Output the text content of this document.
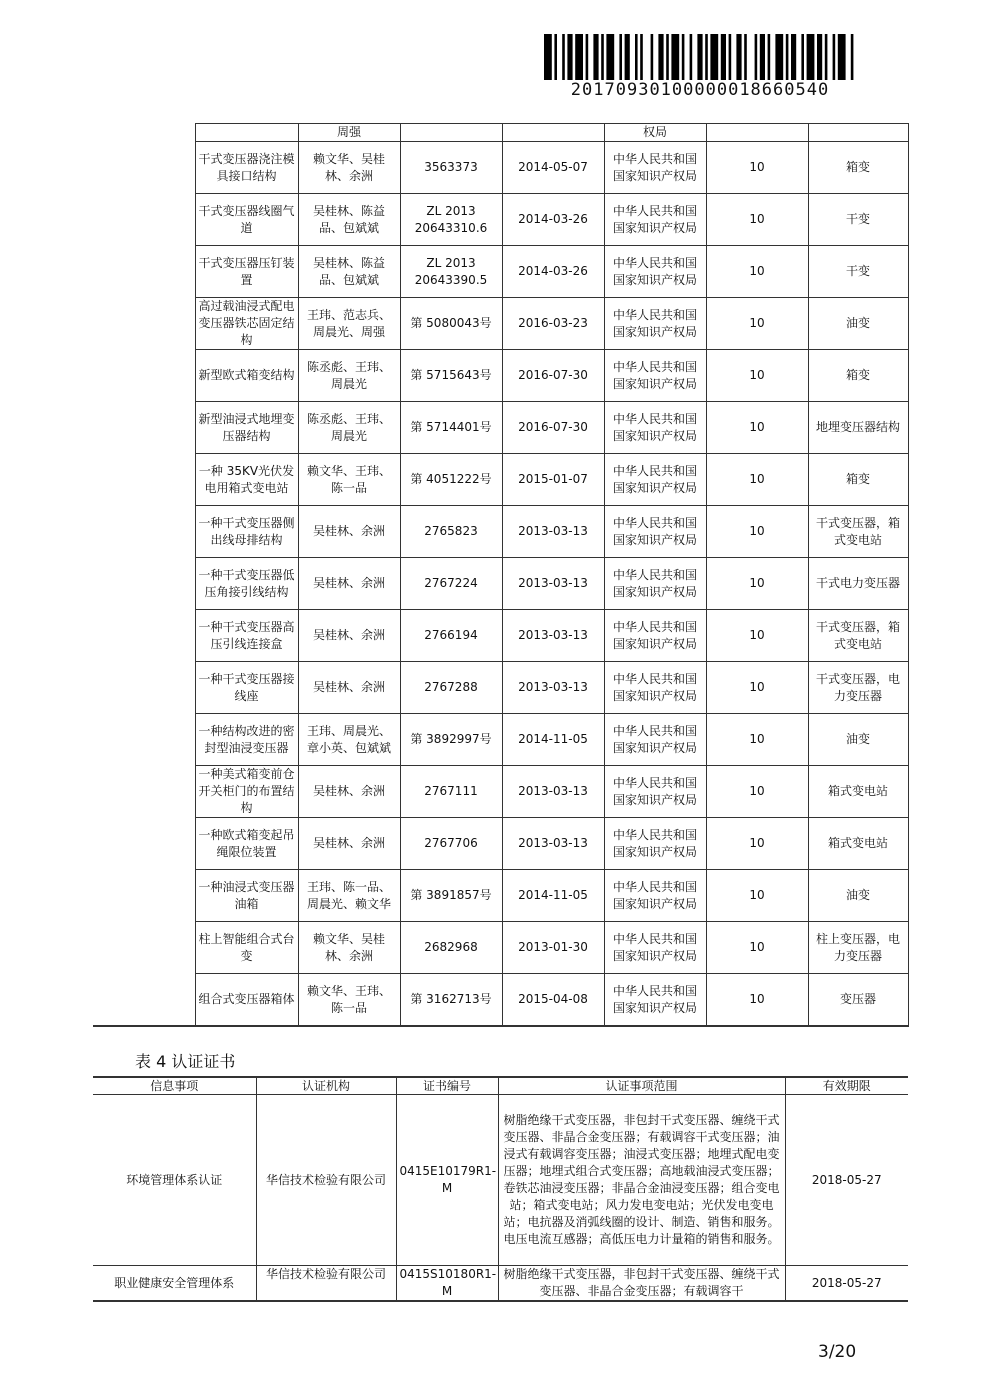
20170930100000018660540
		周强			权局		
	干式变压器浇注模具接口结构	赖文华、吴桂林、余洲	3563373	2014-05-07	中华人民共和国国家知识产权局	10	箱变
	干式变压器线圈气道	吴桂林、陈益品、包斌斌	ZL 2013 20643310.6	2014-03-26	中华人民共和国国家知识产权局	10	干变
	干式变压器压钉装置	吴桂林、陈益品、包斌斌	ZL 2013 20643390.5	2014-03-26	中华人民共和国国家知识产权局	10	干变
	高过载油浸式配电变压器铁芯固定结构	王玮、范志兵、周晨光、周强	第 5080043号	2016-03-23	中华人民共和国国家知识产权局	10	油变
	新型欧式箱变结构	陈丞彪、王玮、周晨光	第 5715643号	2016-07-30	中华人民共和国国家知识产权局	10	箱变
	新型油浸式地埋变压器结构	陈丞彪、王玮、周晨光	第 5714401号	2016-07-30	中华人民共和国国家知识产权局	10	地埋变压器结构
	一种 35KV光伏发电用箱式变电站	赖文华、王玮、陈一品	第 4051222号	2015-01-07	中华人民共和国国家知识产权局	10	箱变
	一种干式变压器侧出线母排结构	吴桂林、余洲	2765823	2013-03-13	中华人民共和国国家知识产权局	10	干式变压器，箱式变电站
	一种干式变压器低压角接引线结构	吴桂林、余洲	2767224	2013-03-13	中华人民共和国国家知识产权局	10	干式电力变压器
	一种干式变压器高压引线连接盒	吴桂林、余洲	2766194	2013-03-13	中华人民共和国国家知识产权局	10	干式变压器，箱式变电站
	一种干式变压器接线座	吴桂林、余洲	2767288	2013-03-13	中华人民共和国国家知识产权局	10	干式变压器，电力变压器
	一种结构改进的密封型油浸变压器	王玮、周晨光、章小英、包斌斌	第 3892997号	2014-11-05	中华人民共和国国家知识产权局	10	油变
	一种美式箱变前仓开关柜门的布置结构	吴桂林、余洲	2767111	2013-03-13	中华人民共和国国家知识产权局	10	箱式变电站
	一种欧式箱变起吊绳限位装置	吴桂林、余洲	2767706	2013-03-13	中华人民共和国国家知识产权局	10	箱式变电站
	一种油浸式变压器油箱	王玮、陈一品、周晨光、赖文华	第 3891857号	2014-11-05	中华人民共和国国家知识产权局	10	油变
	柱上智能组合式台变	赖文华、吴桂林、余洲	2682968	2013-01-30	中华人民共和国国家知识产权局	10	柱上变压器，电力变压器
	组合式变压器箱体	赖文华、王玮、陈一品	第 3162713号	2015-04-08	中华人民共和国国家知识产权局	10	变压器
表 4 认证证书
信息事项	认证机构	证书编号	认证事项范围	有效期限
环境管理体系认证	华信技术检验有限公司	0415E10179R1-M	树脂绝缘干式变压器，非包封干式变压器、缠绕干式变压器、非晶合金变压器；有载调容干式变压器；油浸式有载调容变压器；油浸式变压器；地埋式配电变压器；地埋式组合式变压器；高地载油浸式变压器；卷铁芯油浸变压器；非晶合金油浸变压器；组合变电站；箱式变电站；风力发电变电站；光伏发电变电站；电抗器及消弧线圈的设计、制造、销售和服务。电压电流互感器；高低压电力计量箱的销售和服务。	2018-05-27
职业健康安全管理体系	华信技术检验有限公司	0415S10180R1-M	树脂绝缘干式变压器，非包封干式变压器、缠绕干式变压器、非晶合金变压器；有载调容干	2018-05-27
3/20
